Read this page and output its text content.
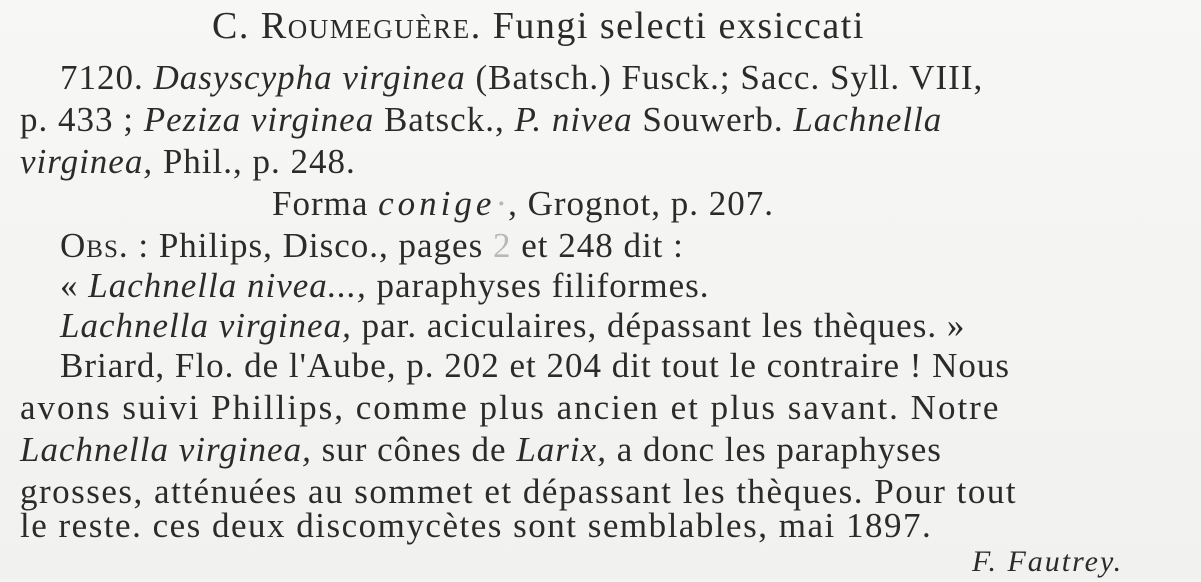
C. Roumeguère. Fungi selecti exsiccati
7120. Dasyscypha virginea (Batsch.) Fusck.; Sacc. Syll. VIII,
p. 433 ; Peziza virginea Batsck., P. nivea Souwerb. Lachnella
virginea, Phil., p. 248.
Forma conige·, Grognot, p. 207.
Obs. : Philips, Disco., pages 2 et 248 dit :
« Lachnella nivea..., paraphyses filiformes.
Lachnella virginea, par. aciculaires, dépassant les thèques. »
Briard, Flo. de l'Aube, p. 202 et 204 dit tout le contraire ! Nous
avons suivi Phillips, comme plus ancien et plus savant. Notre
Lachnella virginea, sur cônes de Larix, a donc les paraphyses
grosses, atténuées au sommet et dépassant les thèques. Pour tout
le reste. ces deux discomycètes sont semblables, mai 1897.
F. Fautrey.
